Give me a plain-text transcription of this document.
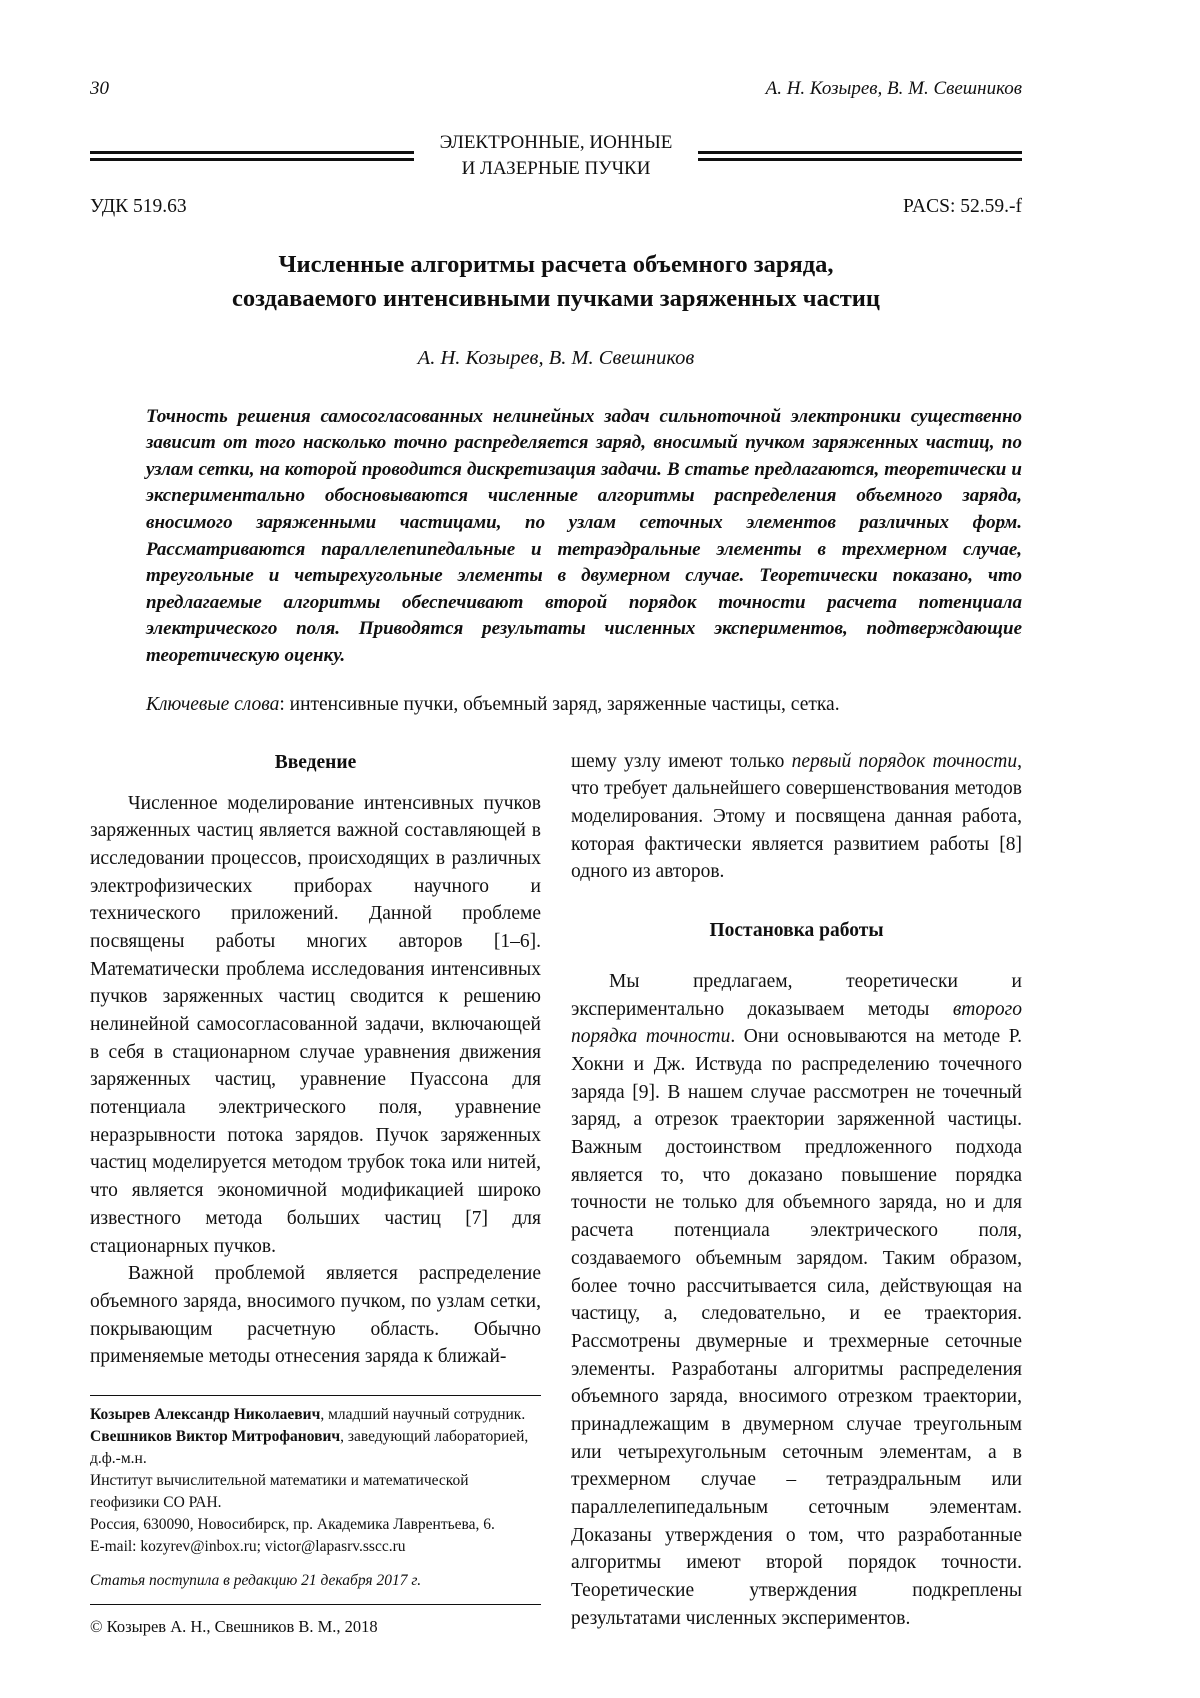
30	А. Н. Козырев, В. М. Свешников
ЭЛЕКТРОННЫЕ, ИОННЫЕ
И ЛАЗЕРНЫЕ ПУЧКИ
УДК 519.63	PACS: 52.59.-f
Численные алгоритмы расчета объемного заряда,
создаваемого интенсивными пучками заряженных частиц
А. Н. Козырев, В. М. Свешников

Точность решения самосогласованных нелинейных задач сильноточной электроники существенно зависит от того насколько точно распределяется заряд, вносимый пучком заряженных частиц, по узлам сетки, на которой проводится дискретизация задачи. В статье предлагаются, теоретически и экспериментально обосновываются численные алгоритмы распределения объемного заряда, вносимого заряженными частицами, по узлам сеточных элементов различных форм. Рассматриваются параллелепипедальные и тетраэдральные элементы в трехмерном случае, треугольные и четырехугольные элементы в двумерном случае. Теоретически показано, что предлагаемые алгоритмы обеспечивают второй порядок точности расчета потенциала электрического поля. Приводятся результаты численных экспериментов, подтверждающие теоретическую оценку.

Ключевые слова: интенсивные пучки, объемный заряд, заряженные частицы, сетка.

Введение

Численное моделирование интенсивных пучков заряженных частиц является важной составляющей в исследовании процессов, происходящих в различных электрофизических приборах научного и технического приложений. Данной проблеме посвящены работы многих авторов [1–6]. Математически проблема исследования интенсивных пучков заряженных частиц сводится к решению нелинейной самосогласованной задачи, включающей в себя в стационарном случае уравнения движения заряженных частиц, уравнение Пуассона для потенциала электрического поля, уравнение неразрывности потока зарядов. Пучок заряженных частиц моделируется методом трубок тока или нитей, что является экономичной модификацией широко известного метода больших частиц [7] для стационарных пучков.

Важной проблемой является распределение объемного заряда, вносимого пучком, по узлам сетки, покрывающим расчетную область. Обычно применяемые методы отнесения заряда к ближай-

Козырев Александр Николаевич, младший научный сотрудник.

Свешников Виктор Митрофанович, заведующий лабораторией, д.ф.-м.н.

Институт вычислительной математики и математической геофизики СО РАН.

Россия, 630090, Новосибирск, пр. Академика Лаврентьева, 6.

E-mail: kozyrev@inbox.ru; victor@lapasrv.sscc.ru

Статья поступила в редакцию 21 декабря 2017 г.

© Козырев А. Н., Свешников В. М., 2018

шему узлу имеют только первый порядок точности, что требует дальнейшего совершенствования методов моделирования. Этому и посвящена данная работа, которая фактически является развитием работы [8] одного из авторов.

Постановка работы

Мы предлагаем, теоретически и экспериментально доказываем методы второго порядка точности. Они основываются на методе Р. Хокни и Дж. Иствуда по распределению точечного заряда [9]. В нашем случае рассмотрен не точечный заряд, а отрезок траектории заряженной частицы. Важным достоинством предложенного подхода является то, что доказано повышение порядка точности не только для объемного заряда, но и для расчета потенциала электрического поля, создаваемого объемным зарядом. Таким образом, более точно рассчитывается сила, действующая на частицу, а, следовательно, и ее траектория. Рассмотрены двумерные и трехмерные сеточные элементы. Разработаны алгоритмы распределения объемного заряда, вносимого отрезком траектории, принадлежащим в двумерном случае треугольным или четырехугольным сеточным элементам, а в трехмерном случае – тетраэдральным или параллелепипедальным сеточным элементам. Доказаны утверждения о том, что разработанные алгоритмы имеют второй порядок точности. Теоретические утверждения подкреплены результатами численных экспериментов.
